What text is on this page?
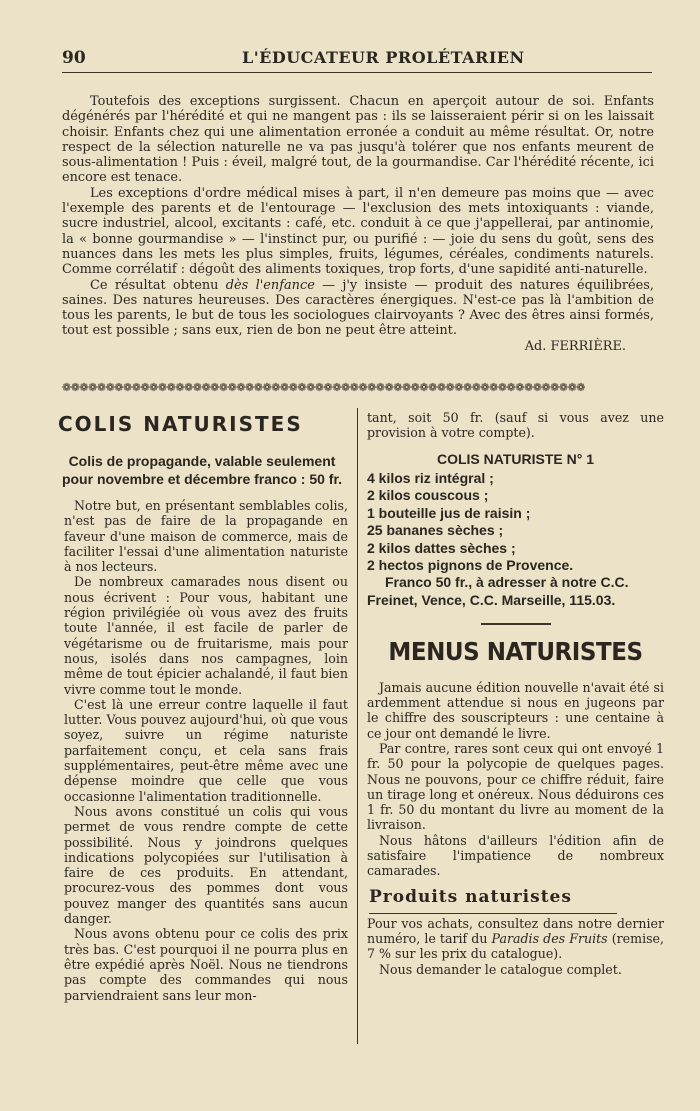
90	L'ÉDUCATEUR PROLÉTARIEN

Toutefois des exceptions surgissent. Chacun en aperçoit autour de soi. Enfants dégénérés par l'hérédité et qui ne mangent pas : ils se laisseraient périr si on les laissait choisir. Enfants chez qui une alimentation erronée a conduit au même résultat. Or, notre respect de la sélection naturelle ne va pas jusqu'à tolérer que nos enfants meurent de sous-alimentation ! Puis : éveil, malgré tout, de la gourmandise. Car l'hérédité récente, ici encore est tenace.

Les exceptions d'ordre médical mises à part, il n'en demeure pas moins que — avec l'exemple des parents et de l'entourage — l'exclusion des mets intoxiquants : viande, sucre industriel, alcool, excitants : café, etc. conduit à ce que j'appellerai, par antinomie, la « bonne gourmandise » — l'instinct pur, ou purifié : — joie du sens du goût, sens des nuances dans les mets les plus simples, fruits, légumes, céréales, condiments naturels. Comme corrélatif : dégoût des aliments toxiques, trop forts, d'une sapidité anti-naturelle.

Ce résultat obtenu dès l'enfance — j'y insiste — produit des natures équilibrées, saines. Des natures heureuses. Des caractères énergiques. N'est-ce pas là l'ambition de tous les parents, le but de tous les sociologues clairvoyants ? Avec des êtres ainsi formés, tout est possible ; sans eux, rien de bon ne peut être atteint.

Ad. FERRIÈRE.
❁❁❁❁❁❁❁❁❁❁❁❁❁❁❁❁❁❁❁❁❁❁❁❁❁❁❁❁❁❁❁❁❁❁❁❁❁❁❁❁❁❁❁❁❁❁❁❁❁❁❁❁❁❁❁❁❁❁❁❁
COLIS NATURISTES
Colis de propagande, valable seulement pour novembre et décembre franco : 50 fr.

Notre but, en présentant semblables colis, n'est pas de faire de la propagande en faveur d'une maison de commerce, mais de faciliter l'essai d'une alimentation naturiste à nos lecteurs.

De nombreux camarades nous disent ou nous écrivent : Pour vous, habitant une région privilégiée où vous avez des fruits toute l'année, il est facile de parler de végétarisme ou de fruitarisme, mais pour nous, isolés dans nos campagnes, loin même de tout épicier achalandé, il faut bien vivre comme tout le monde.

C'est là une erreur contre laquelle il faut lutter. Vous pouvez aujourd'hui, où que vous soyez, suivre un régime naturiste parfaitement conçu, et cela sans frais supplémentaires, peut-être même avec une dépense moindre que celle que vous occasionne l'alimentation traditionnelle.

Nous avons constitué un colis qui vous permet de vous rendre compte de cette possibilité. Nous y joindrons quelques indications polycopiées sur l'utilisation à faire de ces produits. En attendant, procurez-vous des pommes dont vous pouvez manger des quantités sans aucun danger.

Nous avons obtenu pour ce colis des prix très bas. C'est pourquoi il ne pourra plus en être expédié après Noël. Nous ne tiendrons pas compte des commandes qui nous parviendraient sans leur mon-

tant, soit 50 fr. (sauf si vous avez une provision à votre compte).

COLIS NATURISTE N° 1
4 kilos riz intégral ;
2 kilos couscous ;
1 bouteille jus de raisin ;
25 bananes sèches ;
2 kilos dattes sèches ;
2 hectos pignons de Provence.

Franco 50 fr., à adresser à notre C.C. Freinet, Vence, C.C. Marseille, 115.03.

MENUS NATURISTES

Jamais aucune édition nouvelle n'avait été si ardemment attendue si nous en jugeons par le chiffre des souscripteurs : une centaine à ce jour ont demandé le livre.

Par contre, rares sont ceux qui ont envoyé 1 fr. 50 pour la polycopie de quelques pages. Nous ne pouvons, pour ce chiffre réduit, faire un tirage long et onéreux. Nous déduirons ces 1 fr. 50 du montant du livre au moment de la livraison.

Nous hâtons d'ailleurs l'édition afin de satisfaire l'impatience de nombreux camarades.

Produits naturistes

Pour vos achats, consultez dans notre dernier numéro, le tarif du Paradis des Fruits (remise, 7 % sur les prix du catalogue).

Nous demander le catalogue complet.
